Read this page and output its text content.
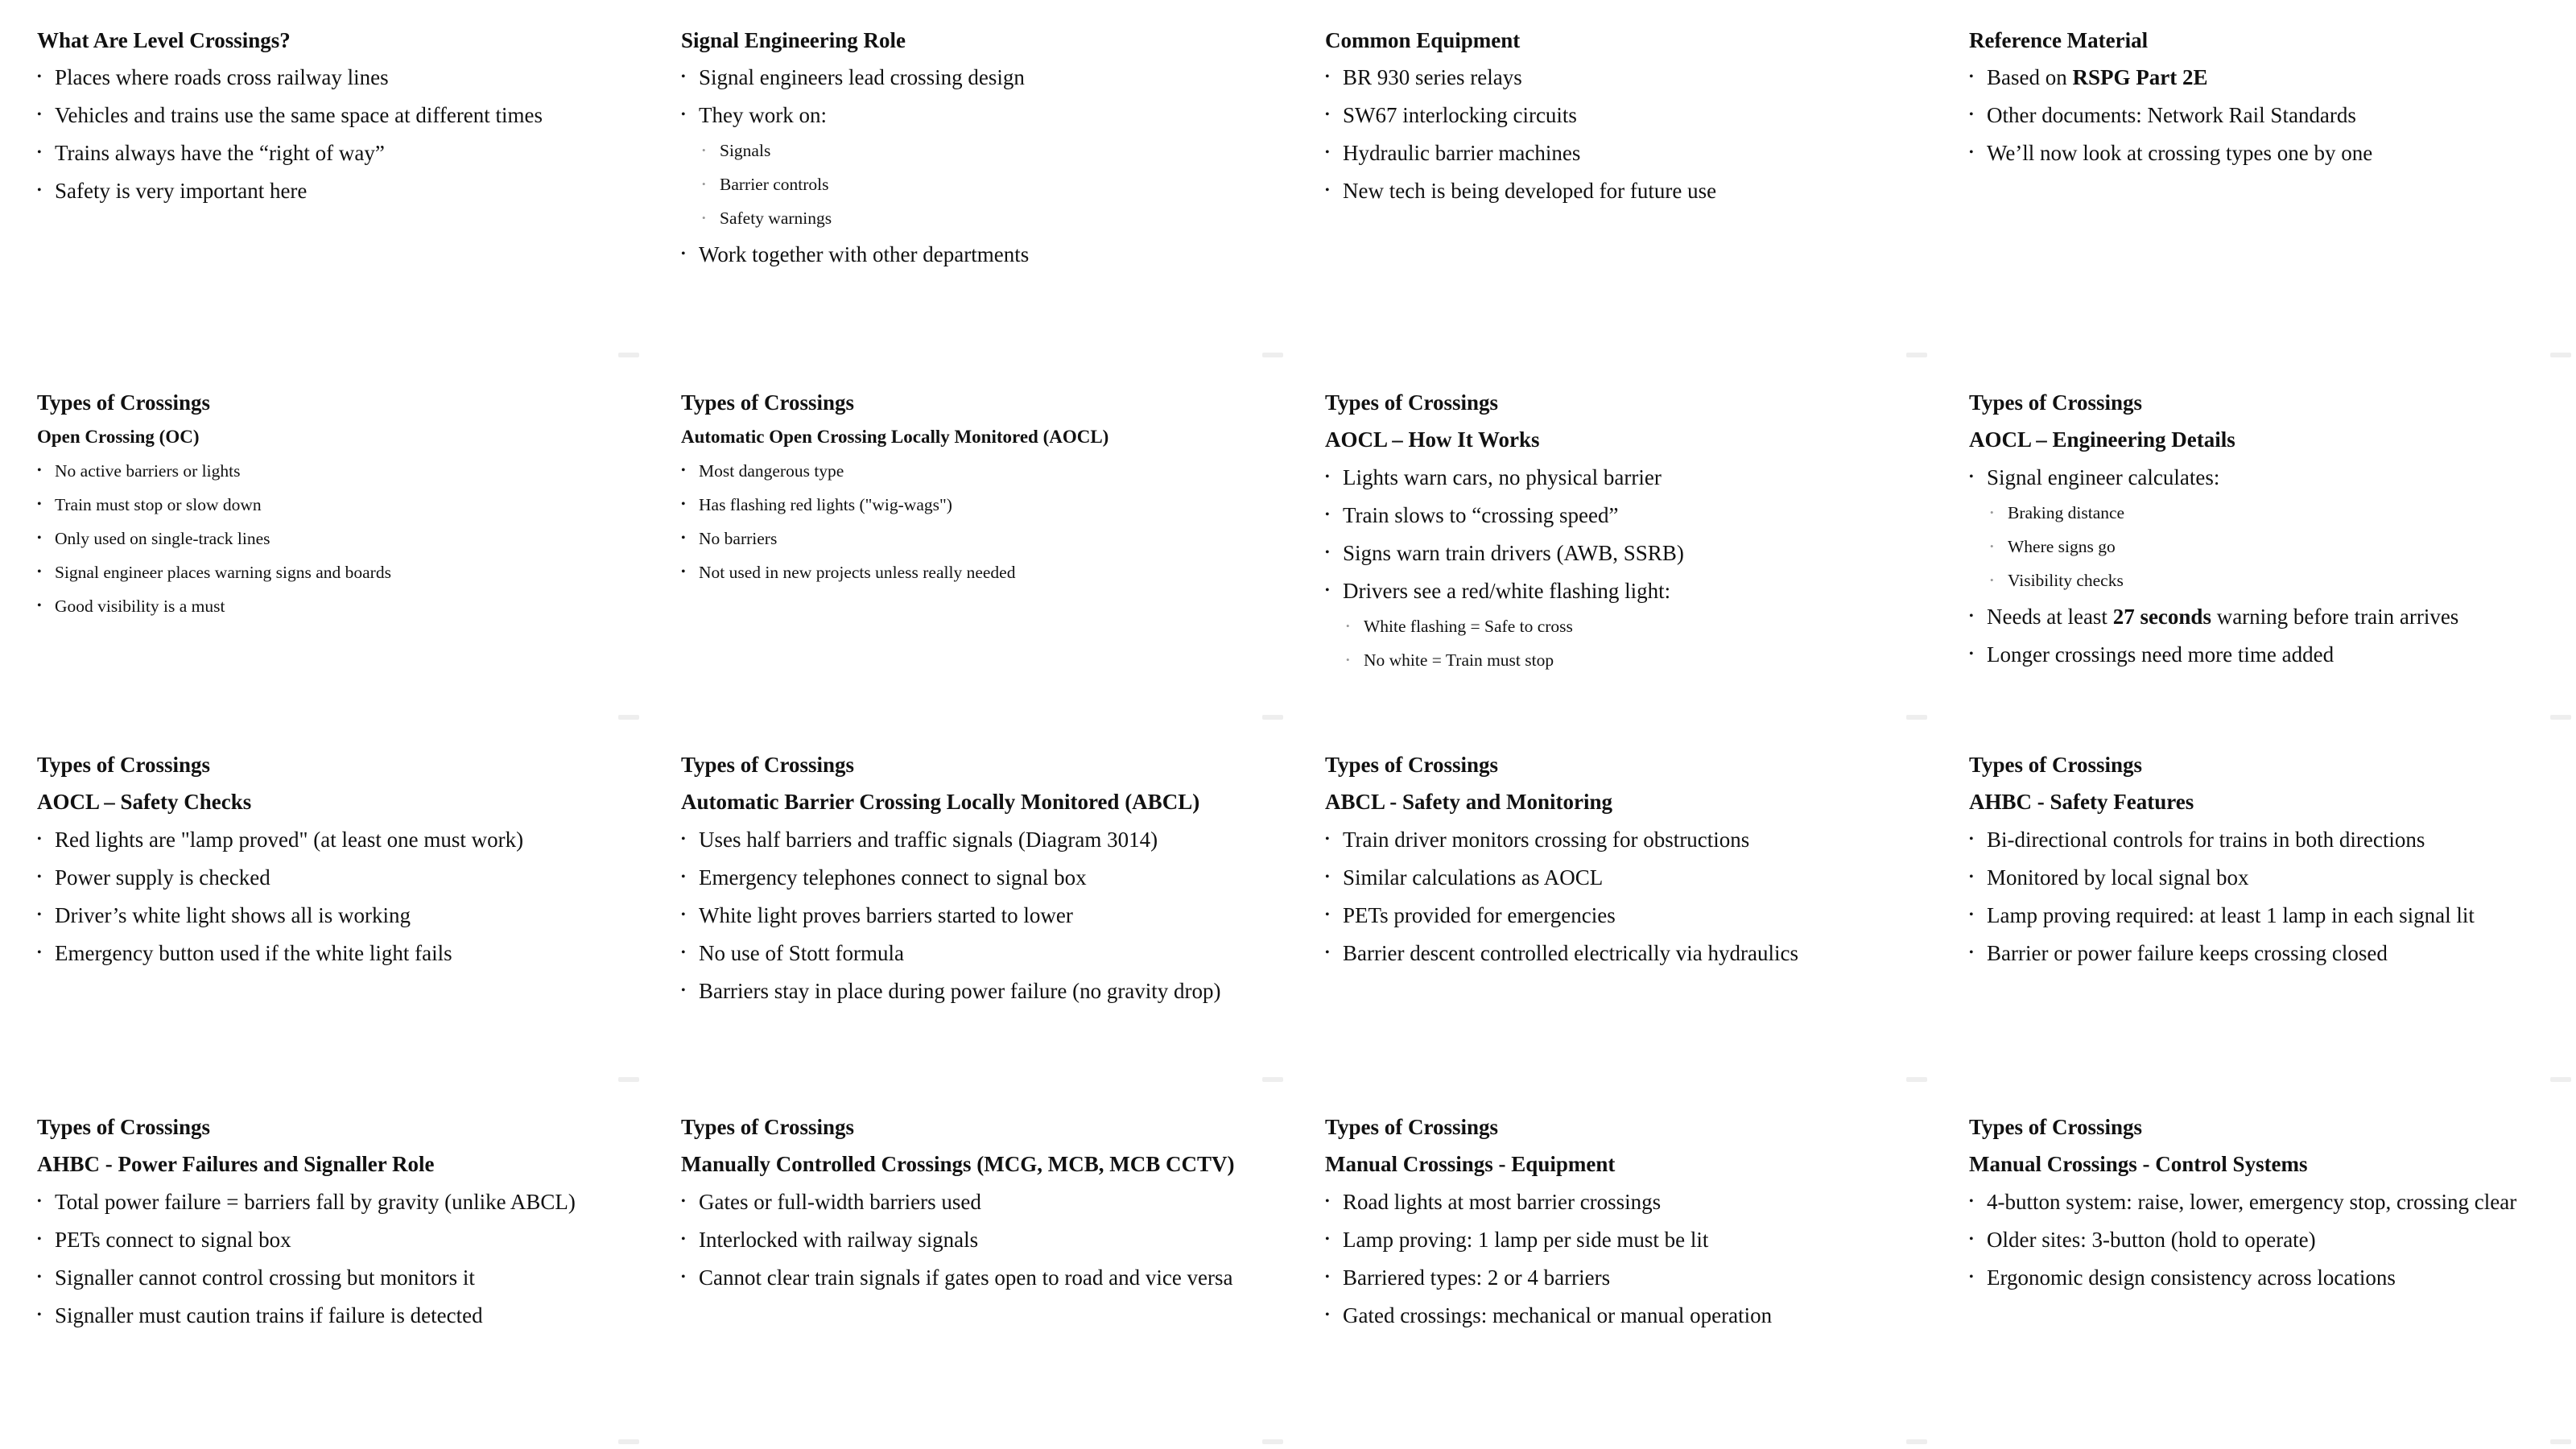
What Are Level Crossings?
• Places where roads cross railway lines
• Vehicles and trains use the same space at different times
• Trains always have the “right of way”
• Safety is very important here
Signal Engineering Role
• Signal engineers lead crossing design
• They work on:
• Signals
• Barrier controls
• Safety warnings
• Work together with other departments
Common Equipment
• BR 930 series relays
• SW67 interlocking circuits
• Hydraulic barrier machines
• New tech is being developed for future use
Reference Material
• Based on RSPG Part 2E
• Other documents: Network Rail Standards
• We’ll now look at crossing types one by one
Types of Crossings
Open Crossing (OC)
• No active barriers or lights
• Train must stop or slow down
• Only used on single-track lines
• Signal engineer places warning signs and boards
• Good visibility is a must
Types of Crossings
Automatic Open Crossing Locally Monitored (AOCL)
• Most dangerous type
• Has flashing red lights ("wig-wags")
• No barriers
• Not used in new projects unless really needed
Types of Crossings
AOCL – How It Works
• Lights warn cars, no physical barrier
• Train slows to “crossing speed”
• Signs warn train drivers (AWB, SSRB)
• Drivers see a red/white flashing light:
• White flashing = Safe to cross
• No white = Train must stop
Types of Crossings
AOCL – Engineering Details
• Signal engineer calculates:
• Braking distance
• Where signs go
• Visibility checks
• Needs at least 27 seconds warning before train arrives
• Longer crossings need more time added
Types of Crossings
AOCL – Safety Checks
• Red lights are "lamp proved" (at least one must work)
• Power supply is checked
• Driver’s white light shows all is working
• Emergency button used if the white light fails
Types of Crossings
Automatic Barrier Crossing Locally Monitored (ABCL)
• Uses half barriers and traffic signals (Diagram 3014)
• Emergency telephones connect to signal box
• White light proves barriers started to lower
• No use of Stott formula
• Barriers stay in place during power failure (no gravity drop)
Types of Crossings
ABCL - Safety and Monitoring
• Train driver monitors crossing for obstructions
• Similar calculations as AOCL
• PETs provided for emergencies
• Barrier descent controlled electrically via hydraulics
Types of Crossings
AHBC - Safety Features
• Bi-directional controls for trains in both directions
• Monitored by local signal box
• Lamp proving required: at least 1 lamp in each signal lit
• Barrier or power failure keeps crossing closed
Types of Crossings
AHBC - Power Failures and Signaller Role
• Total power failure = barriers fall by gravity (unlike ABCL)
• PETs connect to signal box
• Signaller cannot control crossing but monitors it
• Signaller must caution trains if failure is detected
Types of Crossings
Manually Controlled Crossings (MCG, MCB, MCB CCTV)
• Gates or full-width barriers used
• Interlocked with railway signals
• Cannot clear train signals if gates open to road and vice versa
Types of Crossings
Manual Crossings - Equipment
• Road lights at most barrier crossings
• Lamp proving: 1 lamp per side must be lit
• Barriered types: 2 or 4 barriers
• Gated crossings: mechanical or manual operation
Types of Crossings
Manual Crossings - Control Systems
• 4-button system: raise, lower, emergency stop, crossing clear
• Older sites: 3-button (hold to operate)
• Ergonomic design consistency across locations
